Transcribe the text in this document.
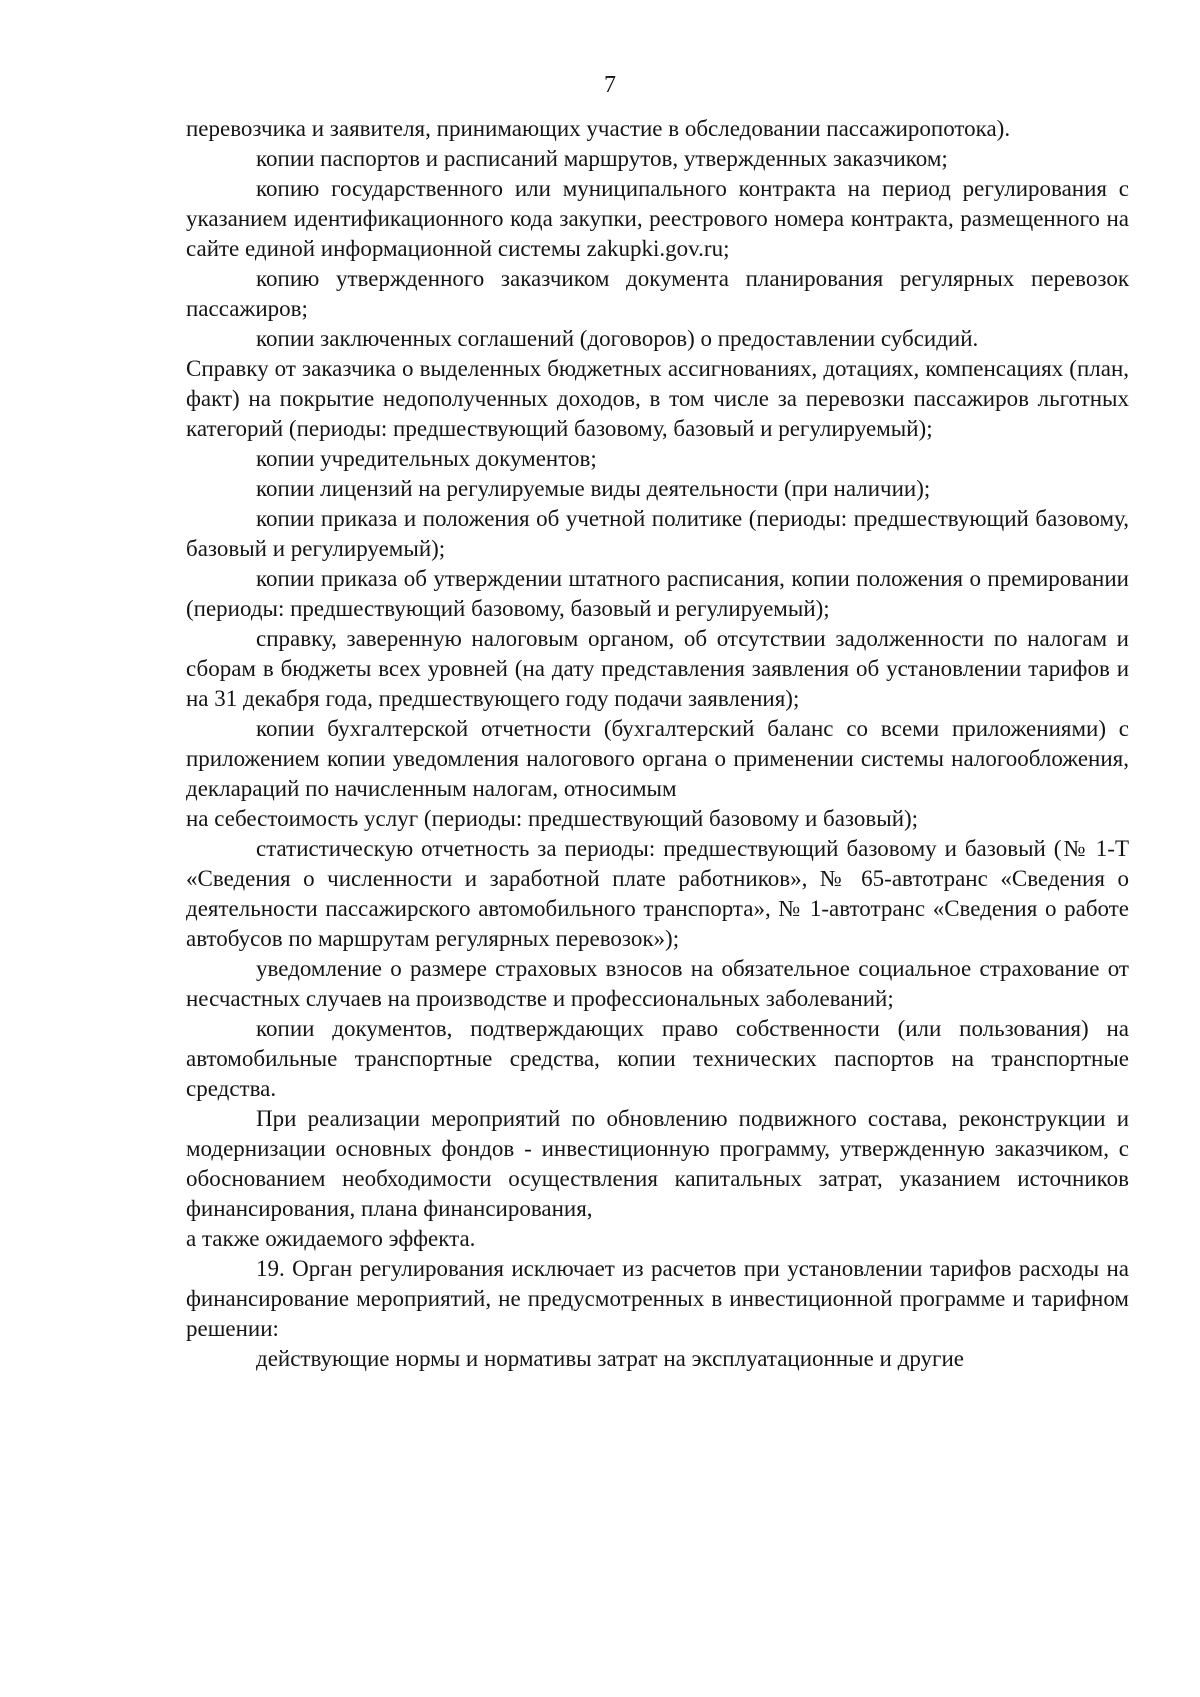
7

перевозчика и заявителя, принимающих участие в обследовании пассажиропотока).

копии паспортов и расписаний маршрутов, утвержденных заказчиком;

копию государственного или муниципального контракта на период регулирования с указанием идентификационного кода закупки, реестрового номера контракта, размещенного на сайте единой информационной системы zakupki.gov.ru;

копию утвержденного заказчиком документа планирования регулярных перевозок пассажиров;

копии заключенных соглашений (договоров) о предоставлении субсидий.

Справку от заказчика о выделенных бюджетных ассигнованиях, дотациях, компенсациях (план, факт) на покрытие недополученных доходов, в том числе за перевозки пассажиров льготных категорий (периоды: предшествующий базовому, базовый и регулируемый);

копии учредительных документов;

копии лицензий на регулируемые виды деятельности (при наличии);

копии приказа и положения об учетной политике (периоды: предшествующий базовому, базовый и регулируемый);

копии приказа об утверждении штатного расписания, копии положения о премировании (периоды: предшествующий базовому, базовый и регулируемый);

справку, заверенную налоговым органом, об отсутствии задолженности по налогам и сборам в бюджеты всех уровней (на дату представления заявления об установлении тарифов и на 31 декабря года, предшествующего году подачи заявления);

копии бухгалтерской отчетности (бухгалтерский баланс со всеми приложениями) с приложением копии уведомления налогового органа о применении системы налогообложения, деклараций по начисленным налогам, относимым

на себестоимость услуг (периоды: предшествующий базовому и базовый);

статистическую отчетность за периоды: предшествующий базовому и базовый (№ 1-Т «Сведения о численности и заработной плате работников», № 65-автотранс «Сведения о деятельности пассажирского автомобильного транспорта», № 1-автотранс «Сведения о работе автобусов по маршрутам регулярных перевозок»);

уведомление о размере страховых взносов на обязательное социальное страхование от несчастных случаев на производстве и профессиональных заболеваний;

копии документов, подтверждающих право собственности (или пользования) на автомобильные транспортные средства, копии технических паспортов на транспортные средства.

При реализации мероприятий по обновлению подвижного состава, реконструкции и модернизации основных фондов - инвестиционную программу, утвержденную заказчиком, с обоснованием необходимости осуществления капитальных затрат, указанием источников финансирования, плана финансирования,

а также ожидаемого эффекта.

19. Орган регулирования исключает из расчетов при установлении тарифов расходы на финансирование мероприятий, не предусмотренных в инвестиционной программе и тарифном решении:

действующие нормы и нормативы затрат на эксплуатационные и другие
